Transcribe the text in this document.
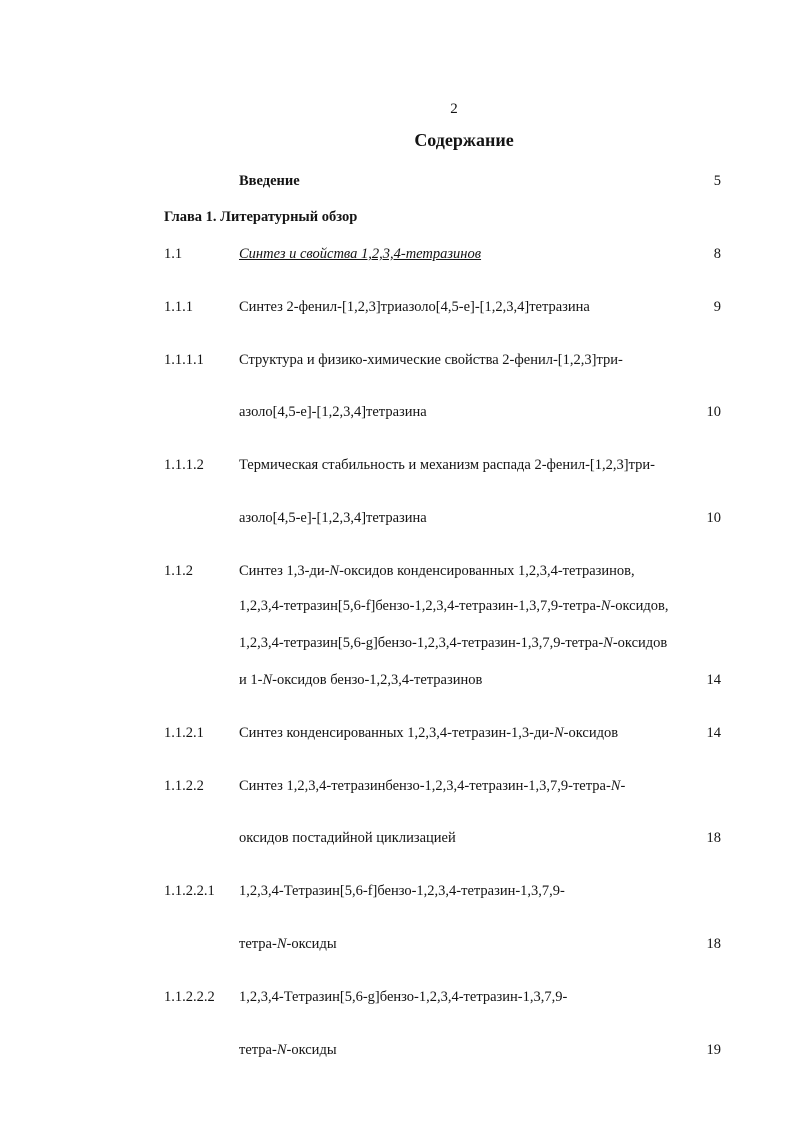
2
Содержание
Введение	5
Глава 1. Литературный обзор
1.1	Синтез и свойства 1,2,3,4-тетразинов	8
1.1.1	Синтез 2-фенил-[1,2,3]триазоло[4,5-e]-[1,2,3,4]тетразина	9
1.1.1.1 Структура и физико-химические свойства 2-фенил-[1,2,3]три-
азоло[4,5-e]-[1,2,3,4]тетразина	10
1.1.1.2 Термическая стабильность и механизм распада 2-фенил-[1,2,3]три-
азоло[4,5-e]-[1,2,3,4]тетразина	10
1.1.2	Синтез 1,3-ди-N-оксидов конденсированных 1,2,3,4-тетразинов,
1,2,3,4-тетразин[5,6-f]бензо-1,2,3,4-тетразин-1,3,7,9-тетра-N-оксидов,
1,2,3,4-тетразин[5,6-g]бензо-1,2,3,4-тетразин-1,3,7,9-тетра-N-оксидов
и 1-N-оксидов бензо-1,2,3,4-тетразинов	14
1.1.2.1 Синтез конденсированных 1,2,3,4-тетразин-1,3-ди-N-оксидов	14
1.1.2.2 Синтез 1,2,3,4-тетразинбензо-1,2,3,4-тетразин-1,3,7,9-тетра-N-
оксидов постадийной циклизацией	18
1.1.2.2.1 1,2,3,4-Тетразин[5,6-f]бензо-1,2,3,4-тетразин-1,3,7,9-
тетра-N-оксиды	18
1.1.2.2.2 1,2,3,4-Тетразин[5,6-g]бензо-1,2,3,4-тетразин-1,3,7,9-
тетра-N-оксиды	19
